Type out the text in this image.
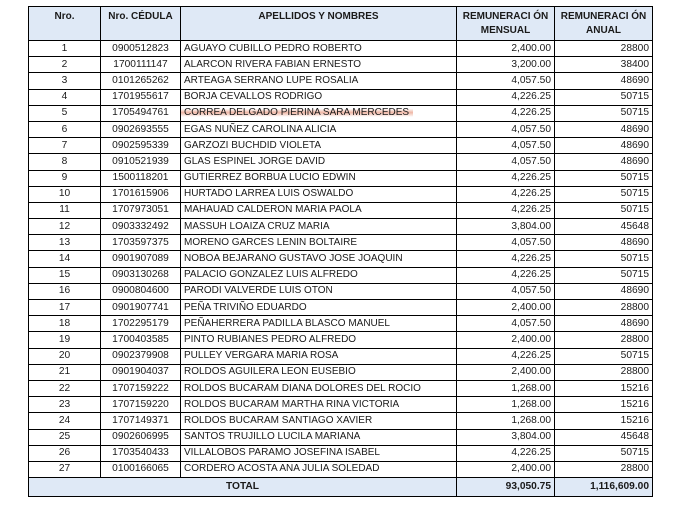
Nro.	Nro. CÉDULA	APELLIDOS Y NOMBRES	REMUNERACI ÓN MENSUAL	REMUNERACI ÓN ANUAL
1	0900512823	AGUAYO CUBILLO PEDRO ROBERTO	2,400.00	28800
2	1700111147	ALARCON RIVERA FABIAN ERNESTO	3,200.00	38400
3	0101265262	ARTEAGA SERRANO LUPE ROSALIA	4,057.50	48690
4	1701955617	BORJA CEVALLOS RODRIGO	4,226.25	50715
5	1705494761	CORREA DELGADO PIERINA SARA MERCEDES	4,226.25	50715
6	0902693555	EGAS NUÑEZ CAROLINA ALICIA	4,057.50	48690
7	0902595339	GARZOZI BUCHDID VIOLETA	4,057.50	48690
8	0910521939	GLAS ESPINEL JORGE DAVID	4,057.50	48690
9	1500118201	GUTIERREZ BORBUA LUCIO EDWIN	4,226.25	50715
10	1701615906	HURTADO LARREA LUIS OSWALDO	4,226.25	50715
11	1707973051	MAHAUAD CALDERON MARIA PAOLA	4,226.25	50715
12	0903332492	MASSUH LOAIZA CRUZ MARIA	3,804.00	45648
13	1703597375	MORENO GARCES LENIN BOLTAIRE	4,057.50	48690
14	0901907089	NOBOA BEJARANO GUSTAVO JOSE JOAQUIN	4,226.25	50715
15	0903130268	PALACIO GONZALEZ LUIS ALFREDO	4,226.25	50715
16	0900804600	PARODI VALVERDE LUIS OTON	4,057.50	48690
17	0901907741	PEÑA TRIVIÑO EDUARDO	2,400.00	28800
18	1702295179	PEÑAHERRERA PADILLA BLASCO MANUEL	4,057.50	48690
19	1700403585	PINTO RUBIANES PEDRO ALFREDO	2,400.00	28800
20	0902379908	PULLEY VERGARA MARIA ROSA	4,226.25	50715
21	0901904037	ROLDOS AGUILERA LEON EUSEBIO	2,400.00	28800
22	1707159222	ROLDOS BUCARAM DIANA DOLORES DEL ROCIO	1,268.00	15216
23	1707159220	ROLDOS BUCARAM MARTHA RINA VICTORIA	1,268.00	15216
24	1707149371	ROLDOS BUCARAM SANTIAGO XAVIER	1,268.00	15216
25	0902606995	SANTOS TRUJILLO LUCILA MARIANA	3,804.00	45648
26	1703540433	VILLALOBOS PARAMO JOSEFINA ISABEL	4,226.25	50715
27	0100166065	CORDERO ACOSTA ANA JULIA SOLEDAD	2,400.00	28800
TOTAL			93,050.75	1,116,609.00
